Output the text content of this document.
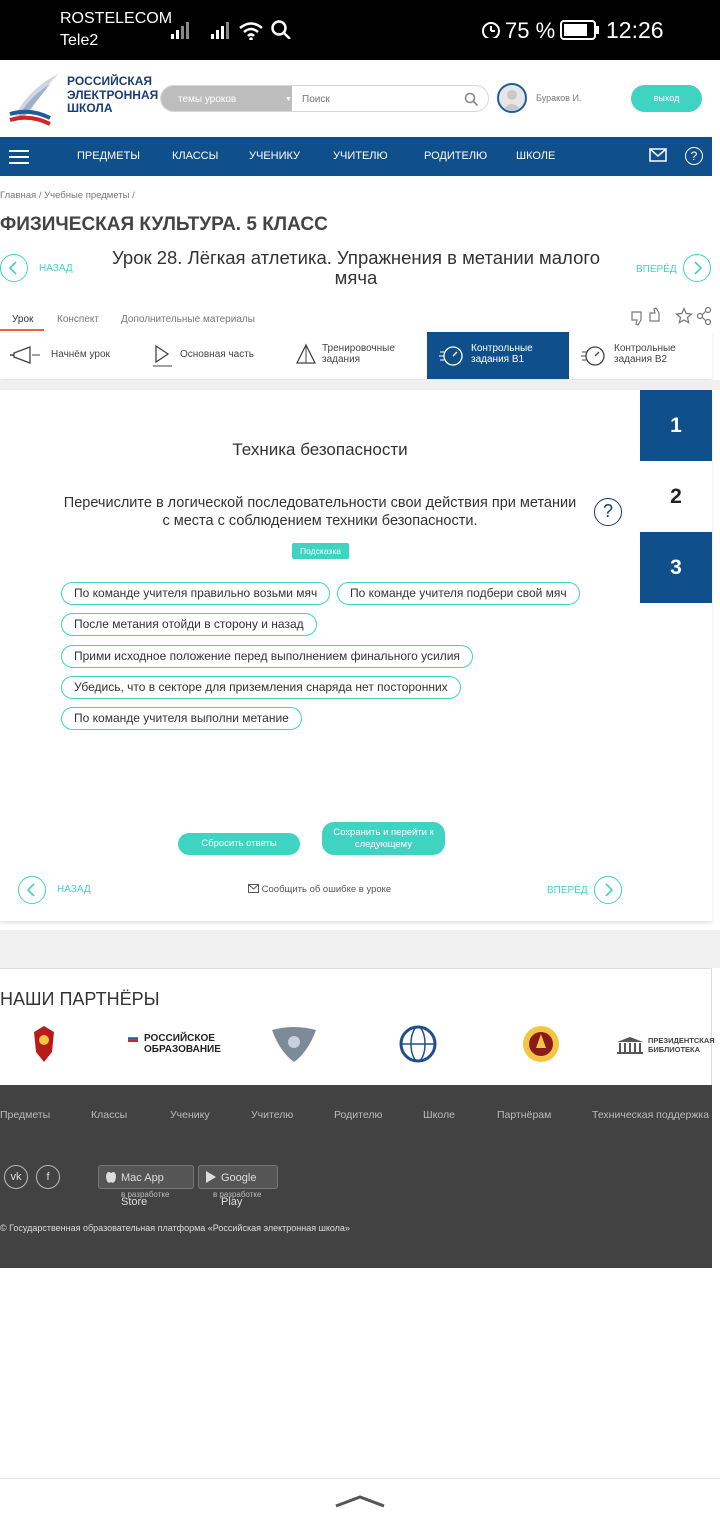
ROSTELECOM
Tele2	75 % 12:26
РОССИЙСКАЯ
ЭЛЕКТРОННАЯ
ШКОЛА
темы уроков	▼
Поиск	Бураков И.	выход
ПРЕДМЕТЫ	КЛАССЫ	УЧЕНИКУ	УЧИТЕЛЮ	РОДИТЕЛЮ	ШКОЛЕ	?
Главная / Учебные предметы /
ФИЗИЧЕСКАЯ КУЛЬТУРА. 5 КЛАСС
НАЗАД
Урок 28. Лёгкая атлетика. Упражнения в метании малого мяча	ВПЕРЁД
Урок Конспект Дополнительные материалы
Начнём урок	Основная часть
Тренировочные задания
Контрольные задания В1
Контрольные задания В2
1
2
3
Техника безопасности
Перечислите в логической последовательности свои действия при метании с места с соблюдением техники безопасности.	?
Подсказка
По команде учителя правильно возьми мяч	По команде учителя подбери свой мяч
После метания отойди в сторону и назад
Прими исходное положение перед выполнением финального усилия
Убедись, что в секторе для приземления снаряда нет посторонних
По команде учителя выполни метание
Сбросить ответы
Сохранить и перейти к
следующему
НАЗАД	Сообщить об ошибке в уроке	ВПЕРЁД
НАШИ ПАРТНЁРЫ
РОССИЙСКОЕ
ОБРАЗОВАНИЕ
ПРЕЗИДЕНТСКАЯ
БИБЛИОТЕКА
Предметы	Классы	Ученику	Учителю	Родителю	Школе	Партнёрам	Техническая поддержка
vk	f	Mac App Store
Google Play
в разработке	в разработке
© Государственная образовательная платформа «Российская электронная школа»
